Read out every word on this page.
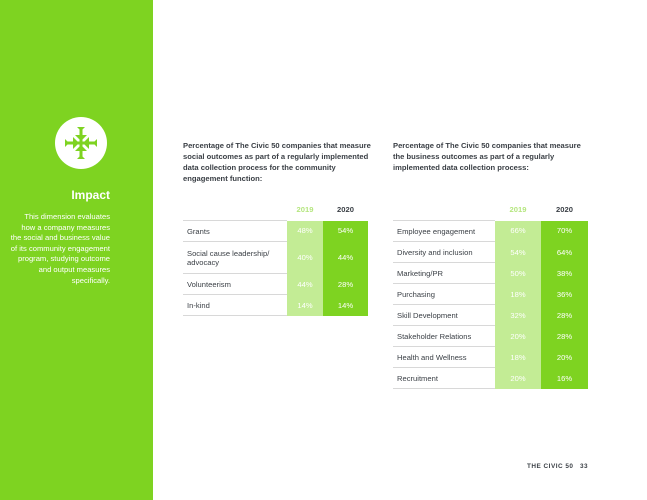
Impact
This dimension evaluates how a company measures the social and business value of its community engagement program, studying outcome and output measures specifically.
Percentage of The Civic 50 companies that measure social outcomes as part of a regularly implemented data collection process for the community engagement function:
2019	2020
Grants	48%	54%
Social cause leadership/ advocacy	40%	44%
Volunteerism	44%	28%
In-kind	14%	14%
Percentage of The Civic 50 companies that measure the business outcomes as part of a regularly implemented data collection process:
2019	2020
Employee engagement	66%	70%
Diversity and inclusion	54%	64%
Marketing/PR	50%	38%
Purchasing	18%	36%
Skill Development	32%	28%
Stakeholder Relations	20%	28%
Health and Wellness	18%	20%
Recruitment	20%	16%
THE CIVIC 50 33
